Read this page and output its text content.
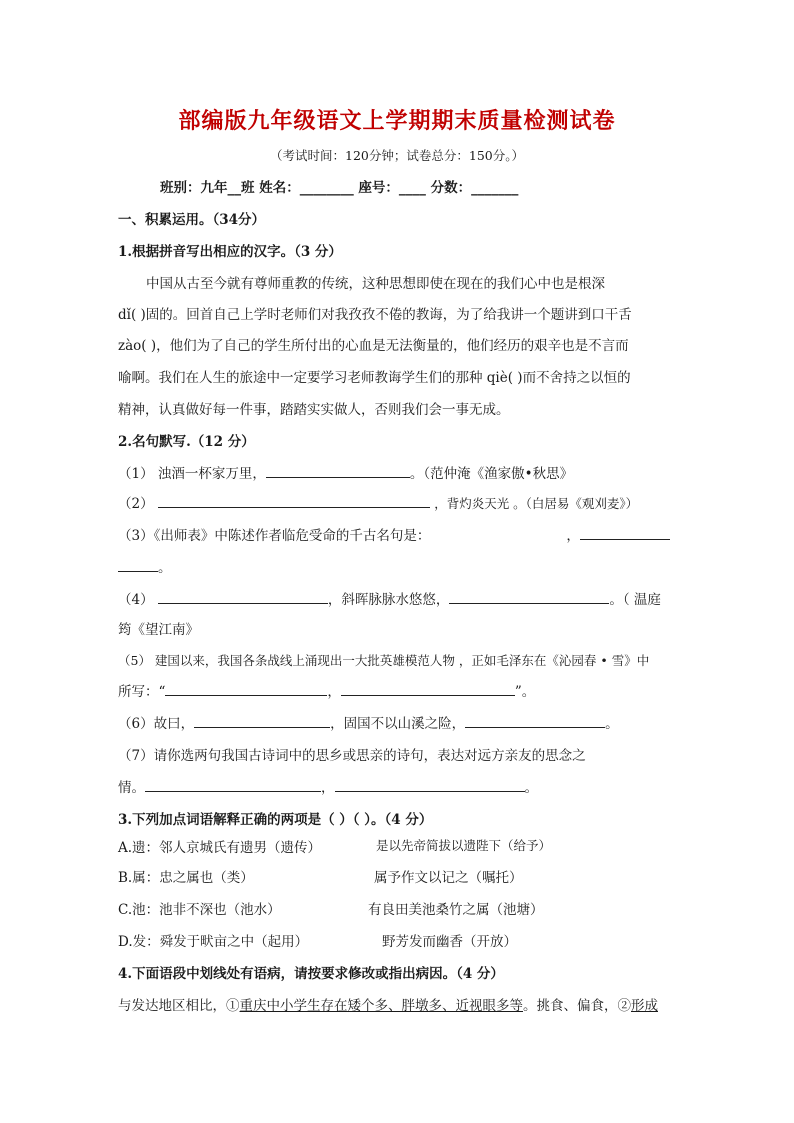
部编版九年级语文上学期期末质量检测试卷
（考试时间：120分钟；试卷总分：150分。）
班别：九年__班 姓名：________ 座号：____ 分数：_______
一、积累运用。（34分）
1.根据拼音写出相应的汉字。（3 分）
中国从古至今就有尊师重教的传统，这种思想即使在现在的我们心中也是根深
dǐ( )固的。回首自己上学时老师们对我孜孜不倦的教诲，为了给我讲一个题讲到口干舌
zào( )，他们为了自己的学生所付出的心血是无法衡量的，他们经历的艰辛也是不言而
喻啊。我们在人生的旅途中一定要学习老师教诲学生们的那种 qiè( )而不舍持之以恒的
精神，认真做好每一件事，踏踏实实做人，否则我们会一事无成。
2.名句默写.（12 分）
（1） 浊酒一杯家万里，	。（范仲淹《渔家傲•秋思》
（2）	，背灼炎天光 。（白居易《观刈麦》）
（3）《出师表》中陈述作者临危受命的千古名句是：	，
。
（4）	，斜晖脉脉水悠悠，	。（ 温庭
筠《望江南》
（5） 建国以来，我国各条战线上涌现出一大批英雄模范人物 ，正如毛泽东在《沁园春 • 雪》中
所写：“	，	”。
（6）故曰，	，固国不以山溪之险，	。
（7）请你选两句我国古诗词中的思乡或思亲的诗句，表达对远方亲友的思念之
情。	，	。
3.下列加点词语解释正确的两项是（ ）（ ）。（4 分）
A.遗：邻人京城氏有遗男（遗传）	是以先帝简拔以遗陛下（给予）
B.属：忠之属也（类）	属予作文以记之（嘱托）
C.池：池非不深也（池水）	有良田美池桑竹之属（池塘）
D.发：舜发于畎亩之中（起用）	野芳发而幽香（开放）
4.下面语段中划线处有语病，请按要求修改或指出病因。（4 分）
与发达地区相比，①重庆中小学生存在矮个多、胖墩多、近视眼多等。挑食、偏食，②形成
